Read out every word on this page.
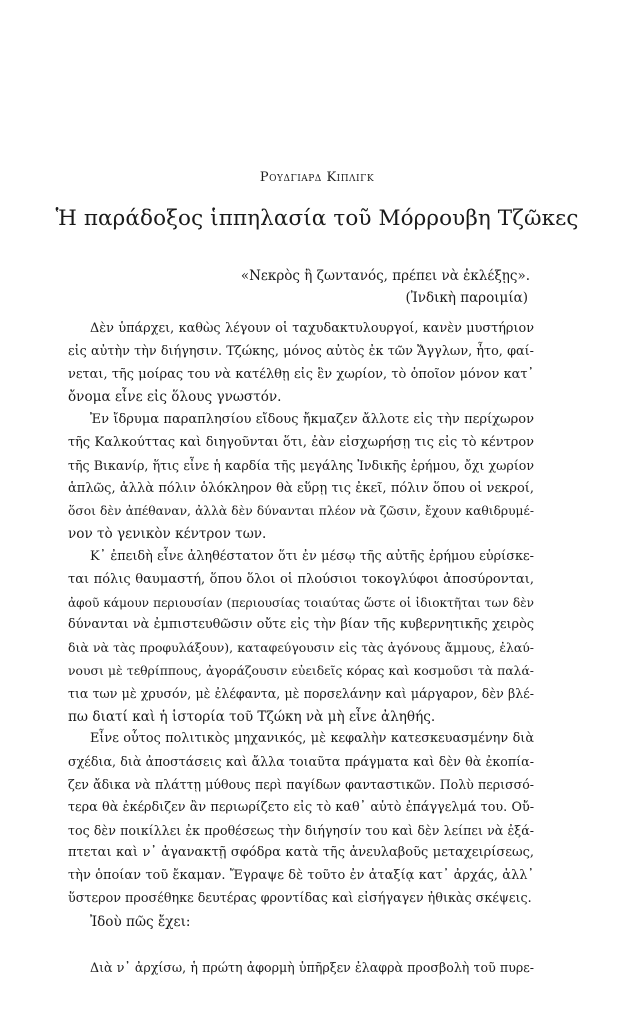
Ρουδγιαρδ Κιπλιγκ
Ἡ παράδοξος ἱππηλασία τοῦ Μόρρουβη Τζῶκες
«Νεκρὸς ἢ ζωντανός, πρέπει νὰ ἐκλέξῃς».
(Ἰνδικὴ παροιμία)
Δὲν ὑπάρχει, καθὼς λέγουν οἱ ταχυδακτυλουργοί, κανὲν μυστήριον
εἰς αὐτὴν τὴν διήγησιν. Τζώκης, μόνος αὐτὸς ἐκ τῶν Ἄγγλων, ἦτο, φαί-
νεται, τῆς μοίρας του νὰ κατέλθῃ εἰς ἓν χωρίον, τὸ ὁποῖον μόνον κατ᾽
ὄνομα εἶνε εἰς ὅλους γνωστόν.
Ἐν ἴδρυμα παραπλησίου εἴδους ἤκμαζεν ἄλλοτε εἰς τὴν περίχωρον
τῆς Καλκούττας καὶ διηγοῦνται ὅτι, ἐὰν εἰσχωρήσῃ τις εἰς τὸ κέντρον
τῆς Βικανίρ, ἥτις εἶνε ἡ καρδία τῆς μεγάλης Ἰνδικῆς ἐρήμου, ὄχι χωρίον
ἁπλῶς, ἀλλὰ πόλιν ὁλόκληρον θὰ εὕρῃ τις ἐκεῖ, πόλιν ὅπου οἱ νεκροί,
ὅσοι δὲν ἀπέθαναν, ἀλλὰ δὲν δύνανται πλέον νὰ ζῶσιν, ἔχουν καθιδρυμέ-
νον τὸ γενικὸν κέντρον των.
Κ᾽ ἐπειδὴ εἶνε ἀληθέστατον ὅτι ἐν μέσῳ τῆς αὐτῆς ἐρήμου εὑρίσκε-
ται πόλις θαυμαστή, ὅπου ὅλοι οἱ πλούσιοι τοκογλύφοι ἀποσύρονται,
ἀφοῦ κάμουν περιουσίαν (περιουσίας τοιαύτας ὥστε οἱ ἰδιοκτῆται των δὲν
δύνανται νὰ ἐμπιστευθῶσιν οὔτε εἰς τὴν βίαν τῆς κυβερνητικῆς χειρὸς
διὰ νὰ τὰς προφυλάξουν), καταφεύγουσιν εἰς τὰς ἀγόνους ἄμμους, ἐλαύ-
νουσι μὲ τεθρίππους, ἀγοράζουσιν εὐειδεῖς κόρας καὶ κοσμοῦσι τὰ παλά-
τια των μὲ χρυσόν, μὲ ἐλέφαντα, μὲ πορσελάνην καὶ μάργαρον, δὲν βλέ-
πω διατί καὶ ἡ ἱστορία τοῦ Τζώκη νὰ μὴ εἶνε ἀληθής.
Εἶνε οὗτος πολιτικὸς μηχανικός, μὲ κεφαλὴν κατεσκευασμένην διὰ
σχέδια, διὰ ἀποστάσεις καὶ ἄλλα τοιαῦτα πράγματα καὶ δὲν θὰ ἐκοπία-
ζεν ἄδικα νὰ πλάττῃ μύθους περὶ παγίδων φανταστικῶν. Πολὺ περισσό-
τερα θὰ ἐκέρδιζεν ἂν περιωρίζετο εἰς τὸ καθ᾽ αὑτὸ ἐπάγγελμά του. Οὔ-
τος δὲν ποικίλλει ἐκ προθέσεως τὴν διήγησίν του καὶ δὲν λείπει νὰ ἐξά-
πτεται καὶ ν᾽ ἀγανακτῇ σφόδρα κατὰ τῆς ἀνευλαβοῦς μεταχειρίσεως,
τὴν ὁποίαν τοῦ ἔκαμαν. Ἔγραψε δὲ τοῦτο ἐν ἀταξίᾳ κατ᾽ ἀρχάς, ἀλλ᾽
ὕστερον προσέθηκε δευτέρας φροντίδας καὶ εἰσήγαγεν ἠθικὰς σκέψεις.
Ἰδοὺ πῶς ἔχει:
Διὰ ν᾽ ἀρχίσω, ἡ πρώτη ἀφορμὴ ὑπῆρξεν ἐλαφρὰ προσβολὴ τοῦ πυρε-
